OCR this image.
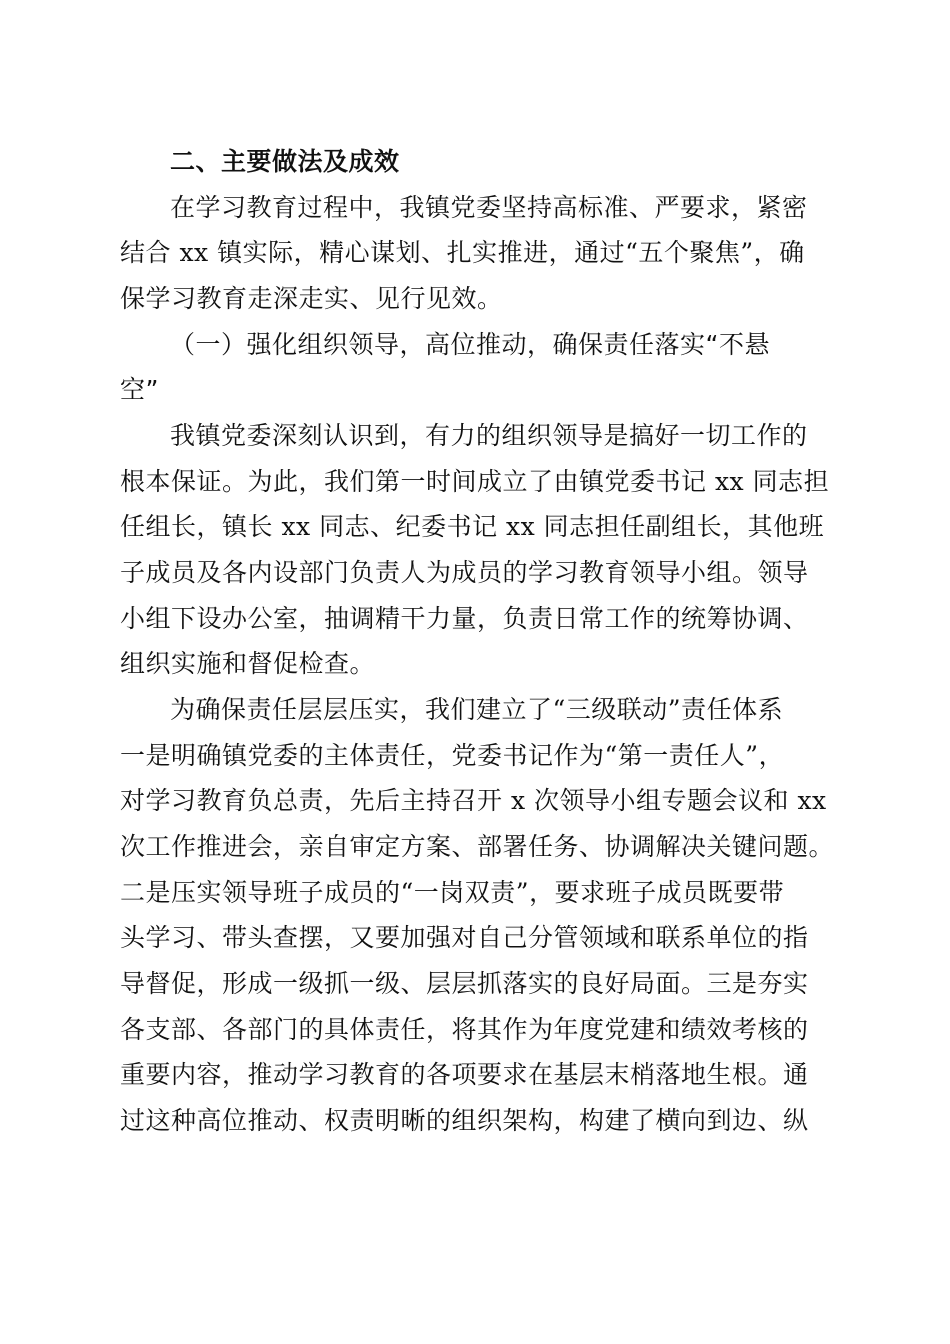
二、主要做法及成效
在学习教育过程中，我镇党委坚持高标准、严要求，紧密
结合 xx 镇实际，精心谋划、扎实推进，通过“五个聚焦”，确
保学习教育走深走实、见行见效。
（一）强化组织领导，高位推动，确保责任落实“不悬
空”
我镇党委深刻认识到，有力的组织领导是搞好一切工作的
根本保证。为此，我们第一时间成立了由镇党委书记 xx 同志担
任组长，镇长 xx 同志、纪委书记 xx 同志担任副组长，其他班
子成员及各内设部门负责人为成员的学习教育领导小组。领导
小组下设办公室，抽调精干力量，负责日常工作的统筹协调、
组织实施和督促检查。
为确保责任层层压实，我们建立了“三级联动”责任体系
一是明确镇党委的主体责任，党委书记作为“第一责任人”，
对学习教育负总责，先后主持召开 x 次领导小组专题会议和 xx
次工作推进会，亲自审定方案、部署任务、协调解决关键问题。
二是压实领导班子成员的“一岗双责”，要求班子成员既要带
头学习、带头查摆，又要加强对自己分管领域和联系单位的指
导督促，形成一级抓一级、层层抓落实的良好局面。三是夯实
各支部、各部门的具体责任，将其作为年度党建和绩效考核的
重要内容，推动学习教育的各项要求在基层末梢落地生根。通
过这种高位推动、权责明晰的组织架构，构建了横向到边、纵
